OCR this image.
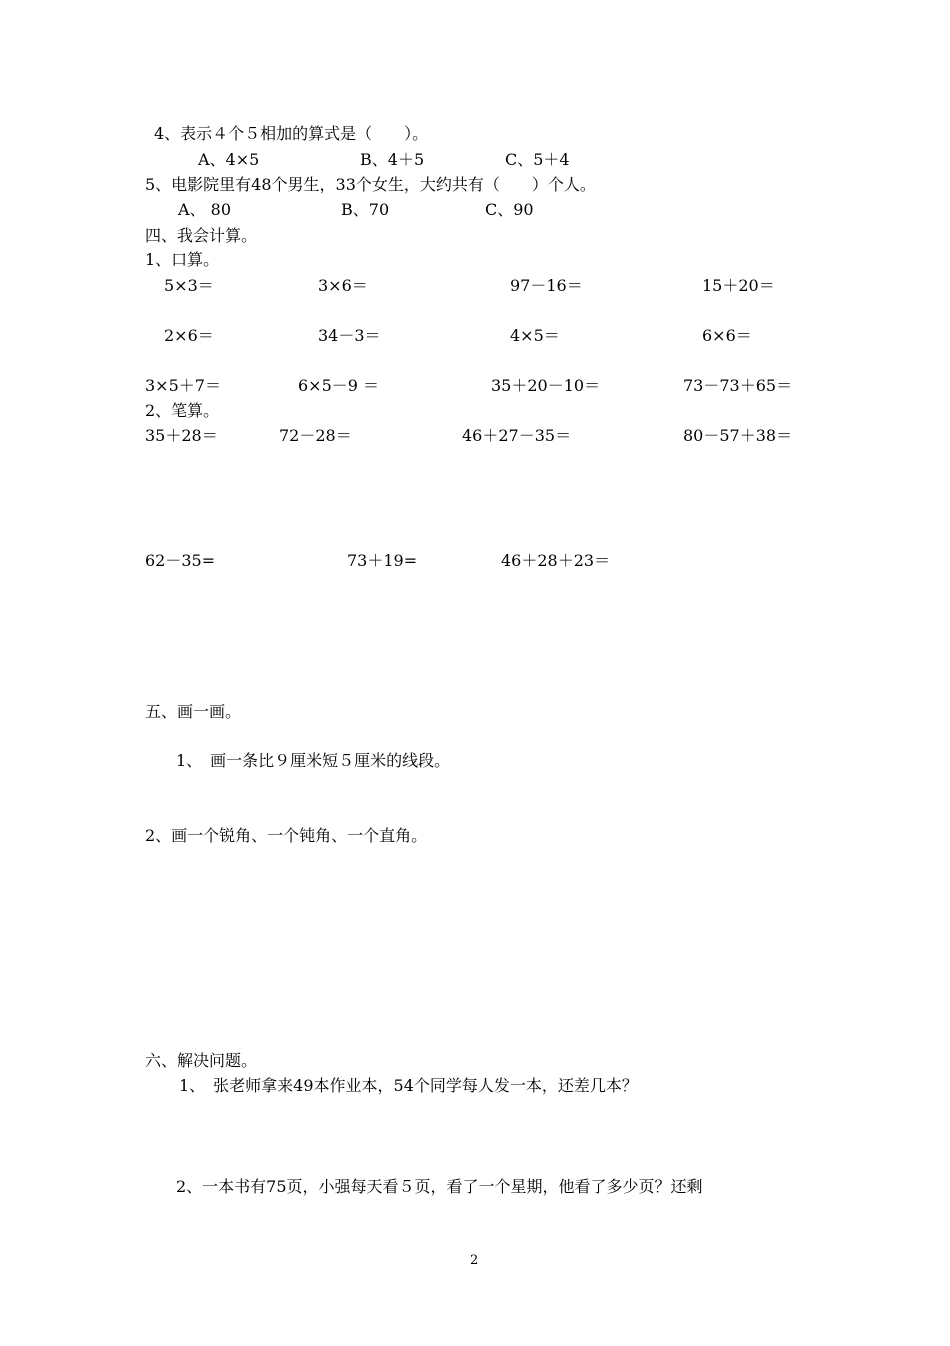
4、表示４个５相加的算式是（　　）。
A、4×5	B、4＋5	C、5＋4
5、电影院里有48个男生，33个女生，大约共有（　　）个人。
A、 80	B、70	C、90
四、我会计算。
1、口算。
5×3＝	3×6＝	97－16＝	15＋20＝
2×6＝	34－3＝	4×5＝	6×6＝
3×5＋7＝	6×5－9 ＝	35＋20－10＝	73－73＋65＝
2、笔算。
35＋28＝	72－28＝	46＋27－35＝	80－57＋38＝
62－35=	73＋19=	46＋28＋23＝
五、画一画。
1、　画一条比９厘米短５厘米的线段。
2、画一个锐角、一个钝角、一个直角。
六、解决问题。
1、　张老师拿来49本作业本，54个同学每人发一本，还差几本？
2、一本书有75页，小强每天看５页，看了一个星期，他看了多少页？还剩
2
